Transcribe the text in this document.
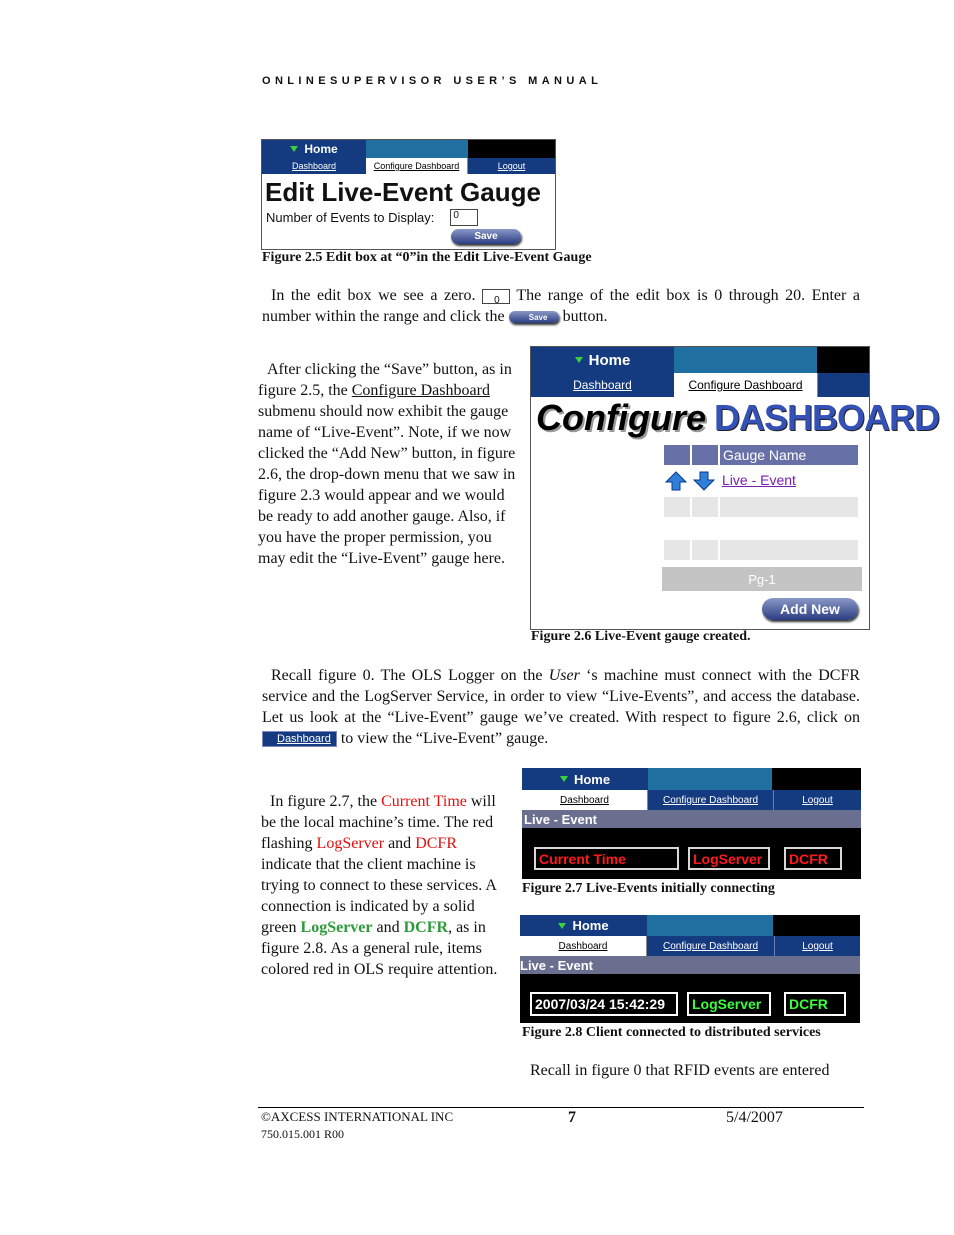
ONLINESUPERVISOR USER’S MANUAL
Home
Dashboard	Configure Dashboard	Logout
Edit Live-Event Gauge
Number of Events to Display:	0
Save
Figure 2.5 Edit box at “0”in the Edit Live-Event Gauge
In the edit box we see a zero. 0 The range of the edit box is 0 through 20. Enter a number within the range and click the	Save button.
After clicking the “Save” button, as in figure 2.5, the Configure Dashboard submenu should now exhibit the gauge name of “Live-Event”. Note, if we now clicked the “Add New” button, in figure 2.6, the drop-down menu that we saw in figure 2.3 would appear and we would be ready to add another gauge. Also, if you have the proper permission, you may edit the “Live-Event” gauge here.
Home
Dashboard	Configure Dashboard
Configure DASHBOARD
Gauge Name
Live - Event
Pg-1
Add New
Figure 2.6 Live-Event gauge created.
Recall figure 0. The OLS Logger on the User ‘s machine must connect with the DCFR service and the LogServer Service, in order to view “Live-Events”, and access the database. Let us look at the “Live-Event” gauge we’ve created. With respect to figure 2.6, click on Dashboard to view the “Live-Event” gauge.
In figure 2.7, the Current Time will be the local machine’s time. The red flashing LogServer and DCFR indicate that the client machine is trying to connect to these services. A connection is indicated by a solid green LogServer and DCFR, as in figure 2.8. As a general rule, items colored red in OLS require attention.
Home
Dashboard	Configure Dashboard	Logout
Live - Event
Current Time	LogServer	DCFR
Figure 2.7 Live-Events initially connecting
Home
Dashboard	Configure Dashboard	Logout
Live - Event
2007/03/24 15:42:29	LogServer	DCFR
Figure 2.8 Client connected to distributed services
Recall in figure 0 that RFID events are entered
©AXCESS INTERNATIONAL INC
750.015.001 R00
7	5/4/2007
